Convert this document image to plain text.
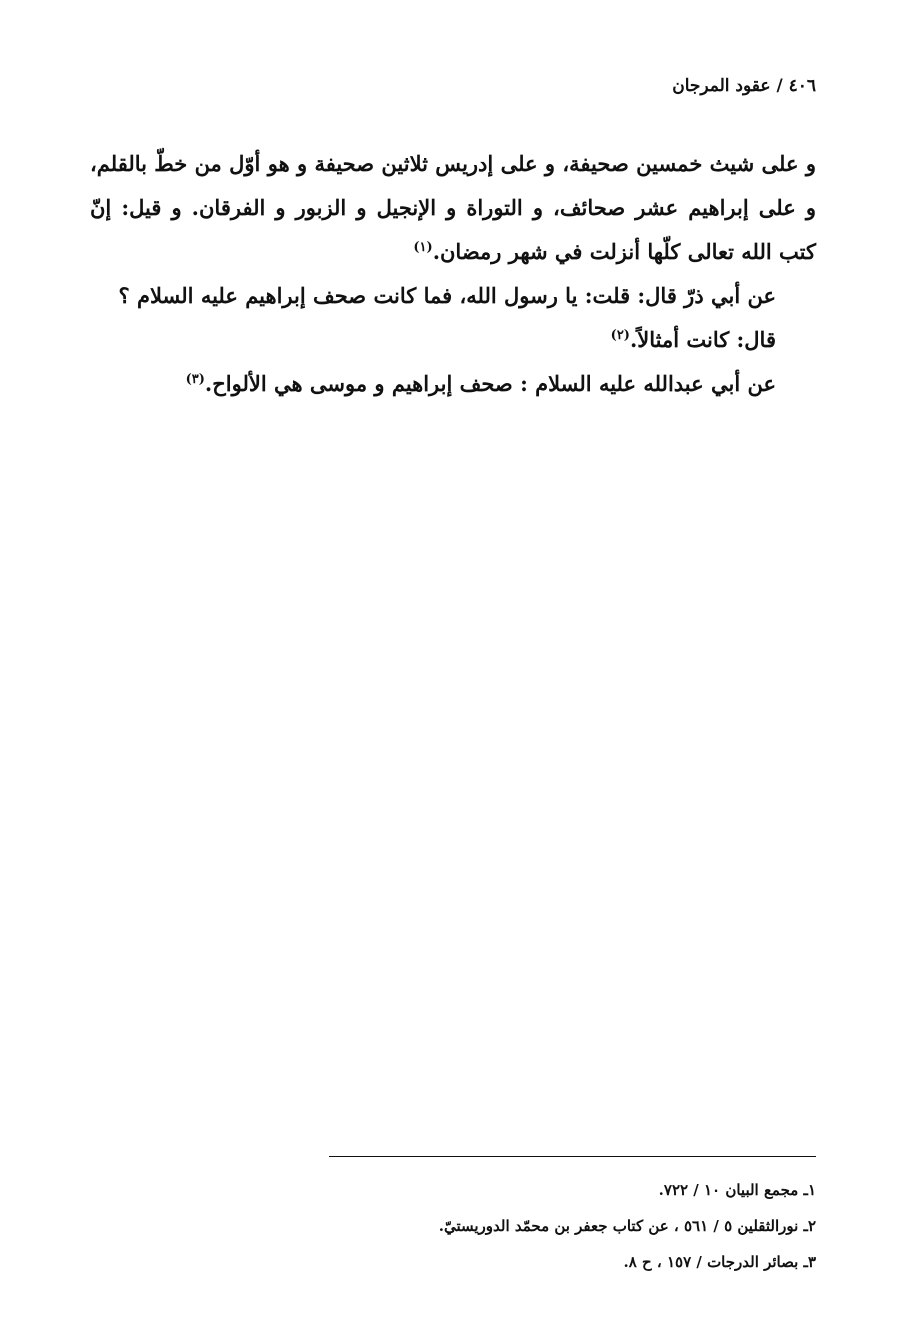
٤٠٦ / عقود المرجان

و على شيث خمسين صحيفة، و على إدريس ثلاثين صحيفة و هو أوّل من خطّ بالقلم، و على إبراهيم عشر صحائف، و التوراة و الإنجيل و الزبور و الفرقان. و قيل: إنّ كتب الله تعالى كلّها أنزلت في شهر رمضان.$^{(١)}$

عن أبي ذرّ قال: قلت: يا رسول الله، فما كانت صحف إبراهيم عليه السلام ؟ قال: كانت أمثالاً.$^{(٢)}$

عن أبي عبدالله عليه السلام : صحف إبراهيم و موسى هي الألواح.$^{(٣)}$

١ـ مجمع البيان ١٠ / ٧٢٢.
٢ـ نورالثقلين ٥ / ٥٦١ ، عن كتاب جعفر بن محمّد الدوريستيّ.
٣ـ بصائر الدرجات / ١٥٧ ، ح ٨.
